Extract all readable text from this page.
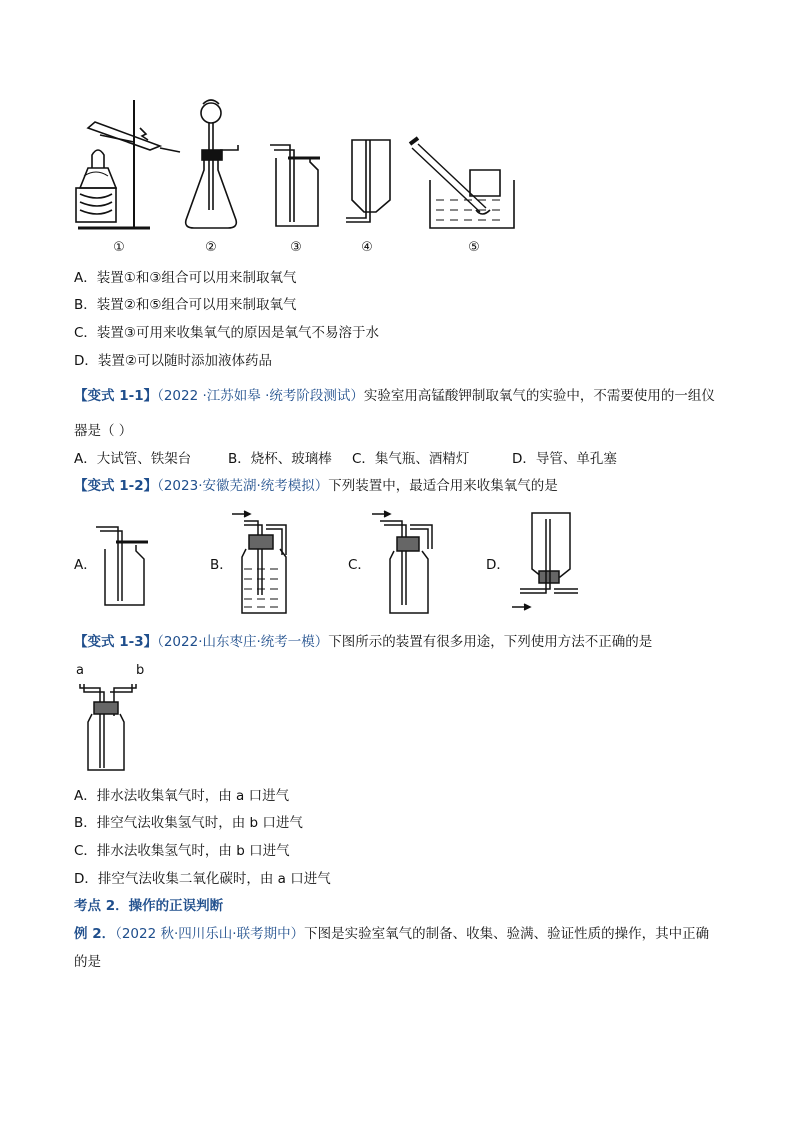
①	②	③	④	⑤
A．装置①和③组合可以用来制取氧气
B．装置②和⑤组合可以用来制取氧气
C．装置③可用来收集氧气的原因是氧气不易溶于水
D．装置②可以随时添加液体药品
【变式 1-1】（2022 ·江苏如皋 ·统考阶段测试）实验室用高锰酸钾制取氧气的实验中，不需要使用的一组仪
器是（ ）
A．大试管、铁架台	B．烧杯、玻璃棒 C．集气瓶、酒精灯	D．导管、单孔塞
【变式 1-2】（2023·安徽芜湖·统考模拟）下列装置中，最适合用来收集氧气的是
A．	B．	C．	D．
【变式 1-3】（2022·山东枣庄·统考一模）下图所示的装置有很多用途，下列使用方法不正确的是
a	b
A．排水法收集氧气时，由 a 口进气
B．排空气法收集氢气时，由 b 口进气
C．排水法收集氢气时，由 b 口进气
D．排空气法收集二氧化碳时，由 a 口进气
考点 2．操作的正误判断
例 2．（2022 秋·四川乐山·联考期中）下图是实验室氧气的制备、收集、验满、验证性质的操作，其中正确
的是
